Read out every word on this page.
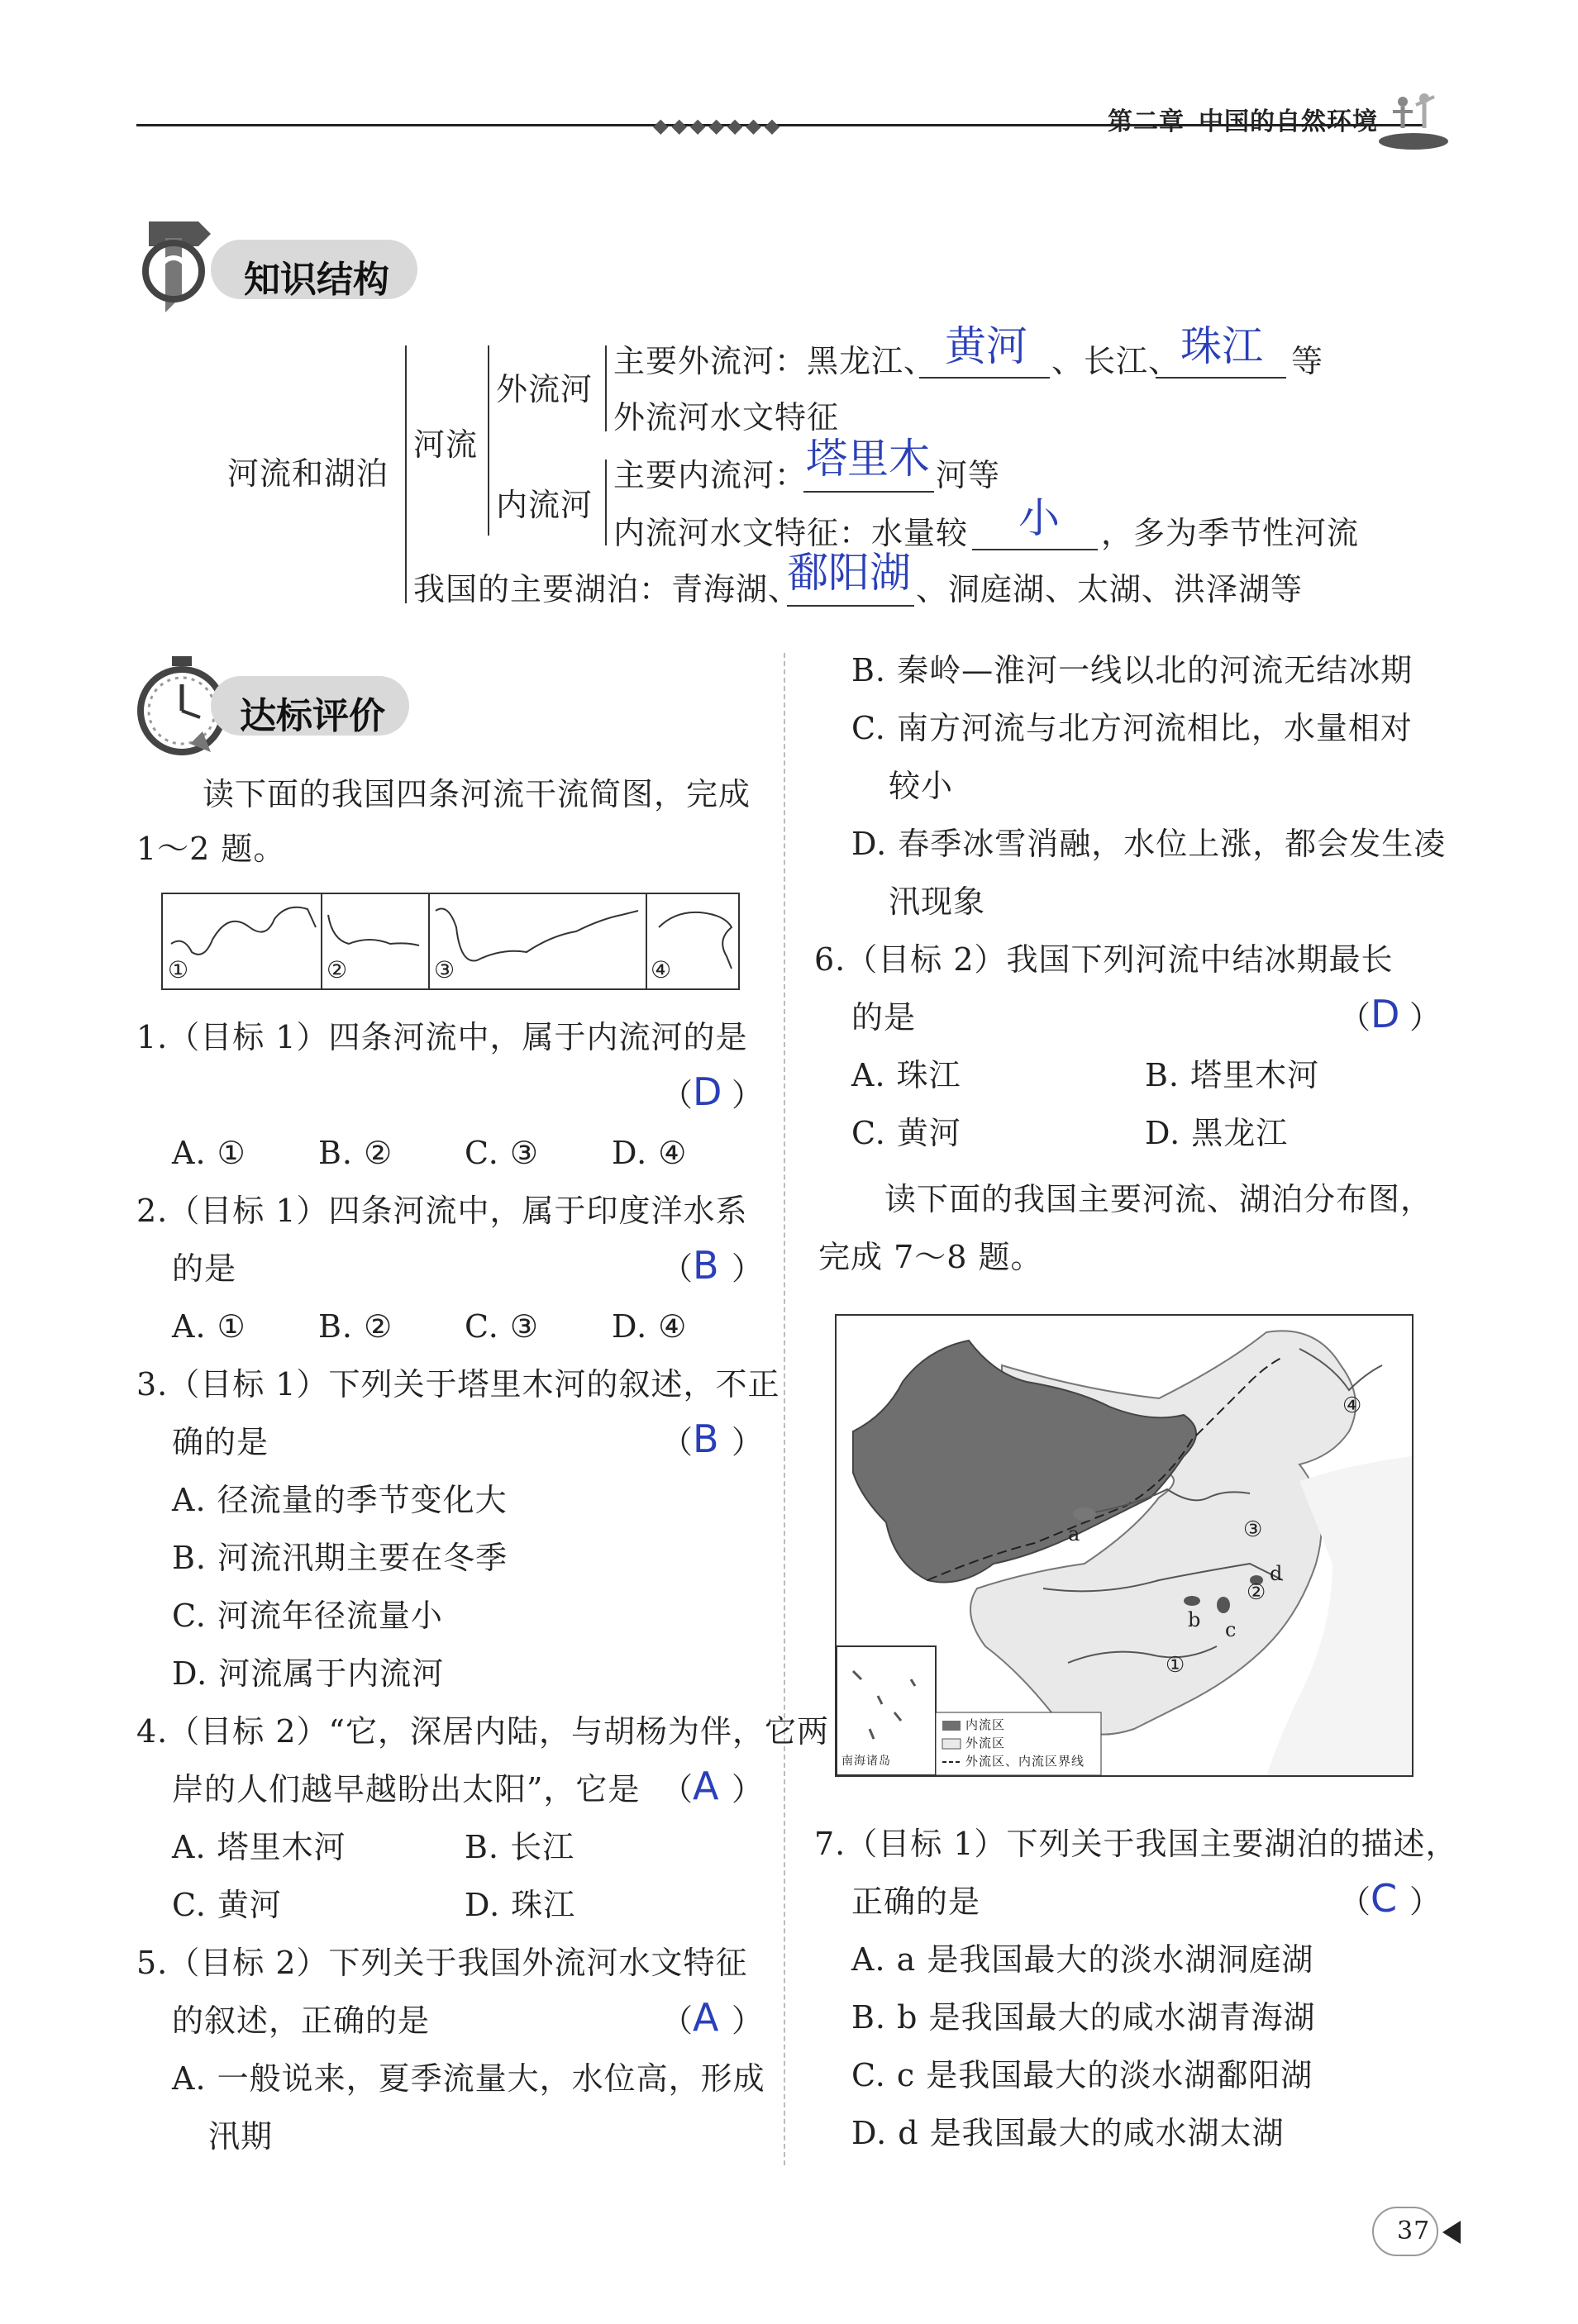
◆◆◆◆◆◆◆	第二章 中国的自然环境
知识结构
河流和湖泊
河流
外流河
主要外流河：黑龙江、 黄河 、长江、 珠江 等
外流河水文特征
内流河
主要内流河：
塔里木 河等
内流河水文特征：水量较 小 ，多为季节性河流
我国的主要湖泊：青海湖、
鄱阳湖 、洞庭湖、太湖、洪泽湖等
达标评价
读下面的我国四条河流干流简图，完成
1～2 题。
①	②	③	④
1.（目标 1）四条河流中，属于内流河的是
（ D ）
A. ① B. ② C. ③ D. ④
2.（目标 1）四条河流中，属于印度洋水系
的是	（ B ）
A. ① B. ② C. ③ D. ④
3.（目标 1）下列关于塔里木河的叙述，不正
确的是	（ B ）
A. 径流量的季节变化大
B. 河流汛期主要在冬季
C. 河流年径流量小
D. 河流属于内流河
4.（目标 2）“它，深居内陆，与胡杨为伴，它两
岸的人们越早越盼出太阳”，它是 （ A ）
A. 塔里木河	B. 长江
C. 黄河	D. 珠江
5.（目标 2）下列关于我国外流河水文特征
的叙述，正确的是	（ A ）
A. 一般说来，夏季流量大，水位高，形成
汛期
B. 秦岭—淮河一线以北的河流无结冰期
C. 南方河流与北方河流相比，水量相对
较小
D. 春季冰雪消融，水位上涨，都会发生凌
汛现象
6.（目标 2）我国下列河流中结冰期最长
的是	（ D ）
A. 珠江	B. 塔里木河
C. 黄河	D. 黑龙江
读下面的我国主要河流、湖泊分布图，
完成 7～8 题。
内流区
外流区
外流区、内流区界线
南海诸岛
①
②
③
④
a
b c
d
7.（目标 1）下列关于我国主要湖泊的描述，
正确的是	（ C ）
A. a 是我国最大的淡水湖洞庭湖
B. b 是我国最大的咸水湖青海湖
C. c 是我国最大的淡水湖鄱阳湖
D. d 是我国最大的咸水湖太湖
37
